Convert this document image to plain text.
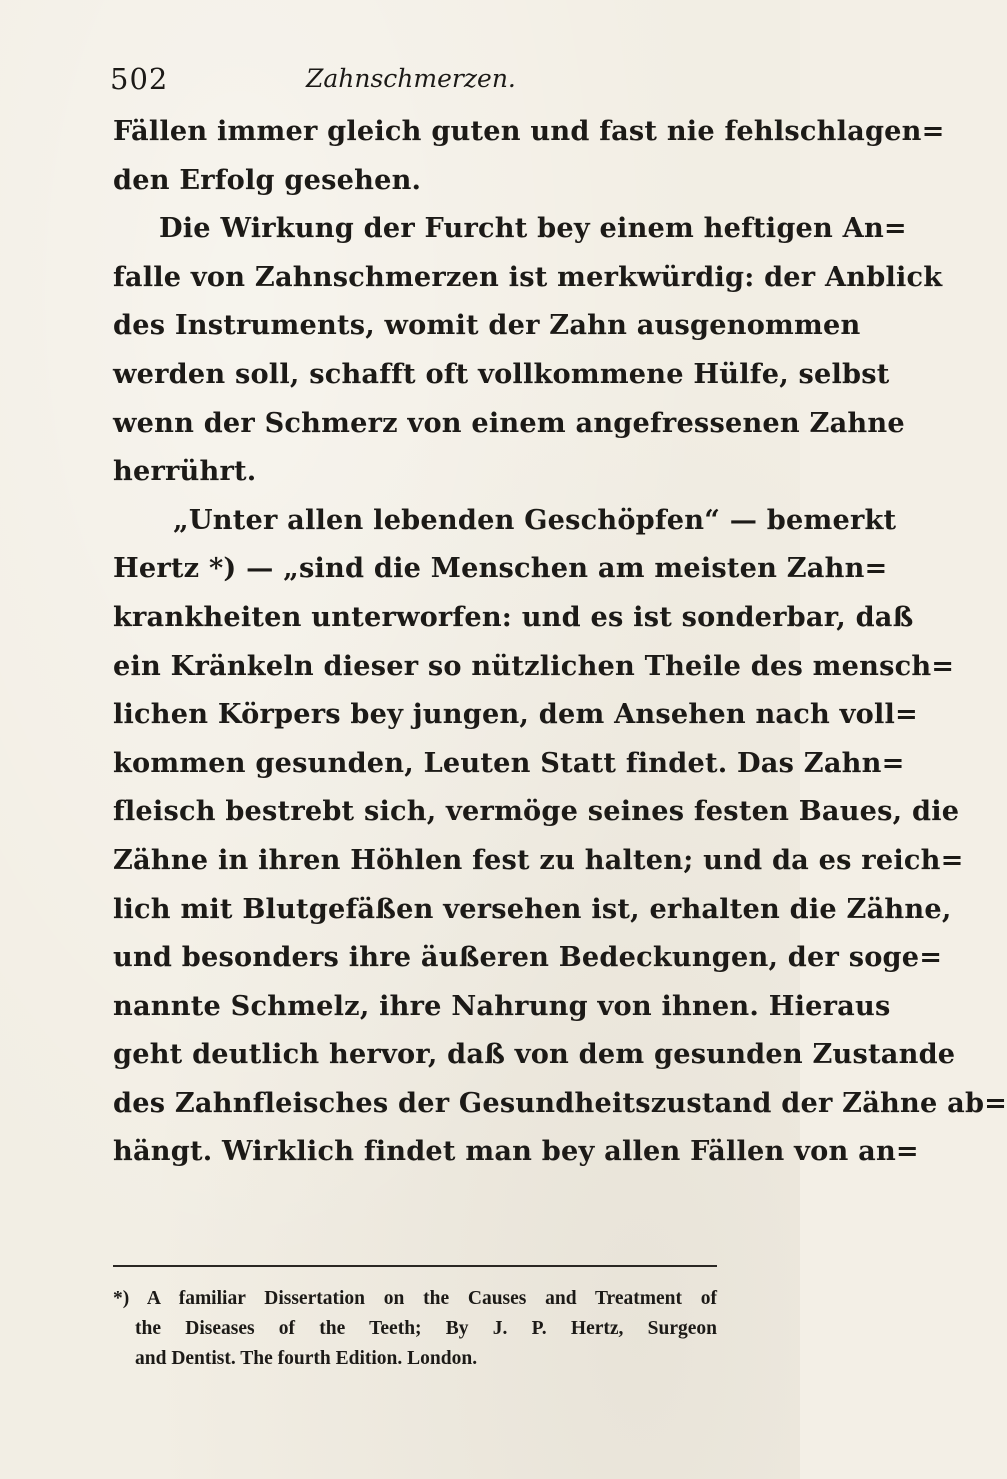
502	Zahnschmerzen.
Fällen immer gleich guten und fast nie fehlschlagen=
den Erfolg gesehen.
Die Wirkung der Furcht bey einem heftigen An=
falle von Zahnschmerzen ist merkwürdig: der Anblick
des Instruments, womit der Zahn ausgenommen
werden soll, schafft oft vollkommene Hülfe, selbst
wenn der Schmerz von einem angefressenen Zahne
herrührt.
„Unter allen lebenden Geschöpfen“ — bemerkt
Hertz *) — „sind die Menschen am meisten Zahn=
krankheiten unterworfen: und es ist sonderbar, daß
ein Kränkeln dieser so nützlichen Theile des mensch=
lichen Körpers bey jungen, dem Ansehen nach voll=
kommen gesunden, Leuten Statt findet. Das Zahn=
fleisch bestrebt sich, vermöge seines festen Baues, die
Zähne in ihren Höhlen fest zu halten; und da es reich=
lich mit Blutgefäßen versehen ist, erhalten die Zähne,
und besonders ihre äußeren Bedeckungen, der soge=
nannte Schmelz, ihre Nahrung von ihnen. Hieraus
geht deutlich hervor, daß von dem gesunden Zustande
des Zahnfleisches der Gesundheitszustand der Zähne ab=
hängt. Wirklich findet man bey allen Fällen von an=
*) A familiar Dissertation on the Causes and Treatment of
the Diseases of the Teeth; By J. P. Hertz, Surgeon
and Dentist. The fourth Edition. London.
